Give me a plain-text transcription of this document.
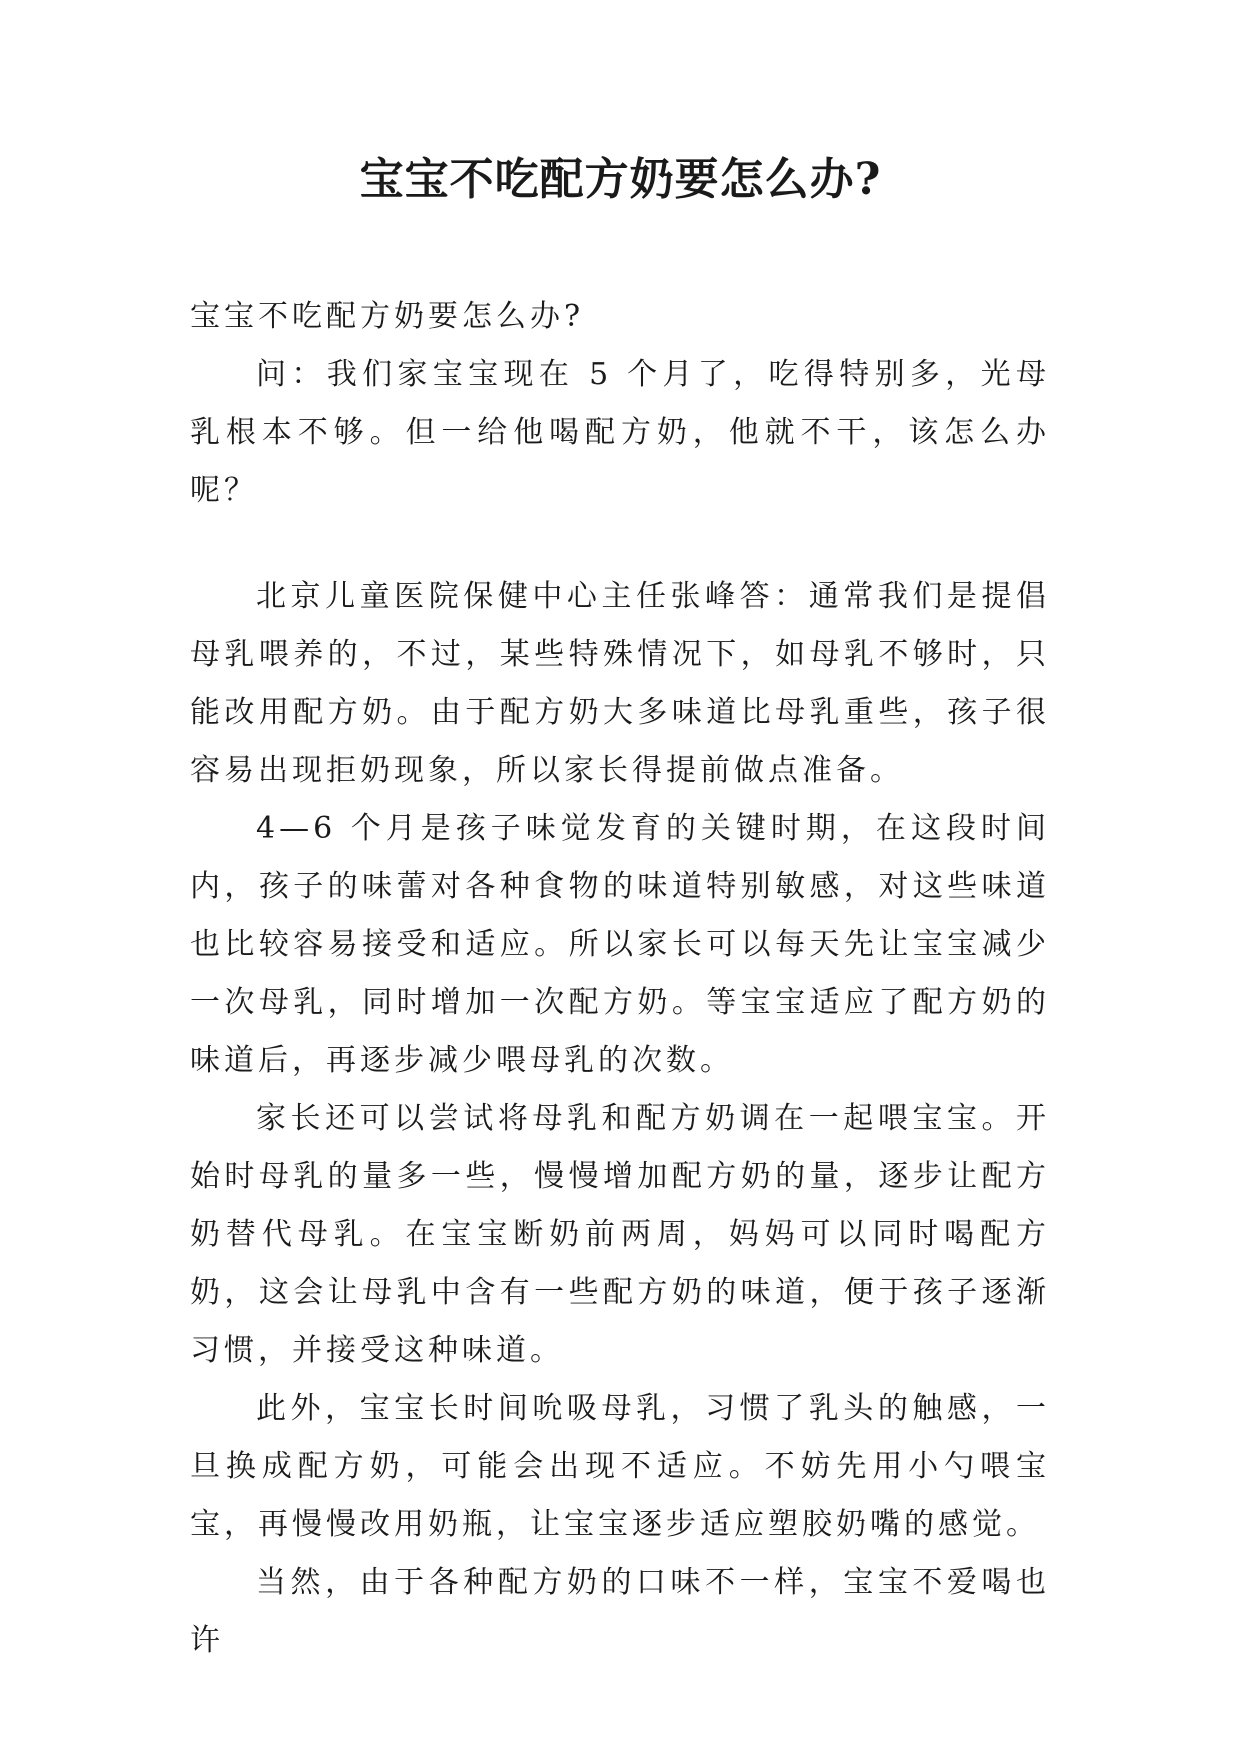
宝宝不吃配方奶要怎么办?

宝宝不吃配方奶要怎么办?

问：我们家宝宝现在 5 个月了，吃得特别多，光母乳根本不够。但一给他喝配方奶，他就不干，该怎么办呢？

北京儿童医院保健中心主任张峰答：通常我们是提倡母乳喂养的，不过，某些特殊情况下，如母乳不够时，只能改用配方奶。由于配方奶大多味道比母乳重些，孩子很容易出现拒奶现象，所以家长得提前做点准备。

4—6 个月是孩子味觉发育的关键时期，在这段时间内，孩子的味蕾对各种食物的味道特别敏感，对这些味道也比较容易接受和适应。所以家长可以每天先让宝宝减少一次母乳，同时增加一次配方奶。等宝宝适应了配方奶的味道后，再逐步减少喂母乳的次数。

家长还可以尝试将母乳和配方奶调在一起喂宝宝。开始时母乳的量多一些，慢慢增加配方奶的量，逐步让配方奶替代母乳。在宝宝断奶前两周，妈妈可以同时喝配方奶，这会让母乳中含有一些配方奶的味道，便于孩子逐渐习惯，并接受这种味道。

此外，宝宝长时间吮吸母乳，习惯了乳头的触感，一旦换成配方奶，可能会出现不适应。不妨先用小勺喂宝宝，再慢慢改用奶瓶，让宝宝逐步适应塑胶奶嘴的感觉。

当然，由于各种配方奶的口味不一样，宝宝不爱喝也许
